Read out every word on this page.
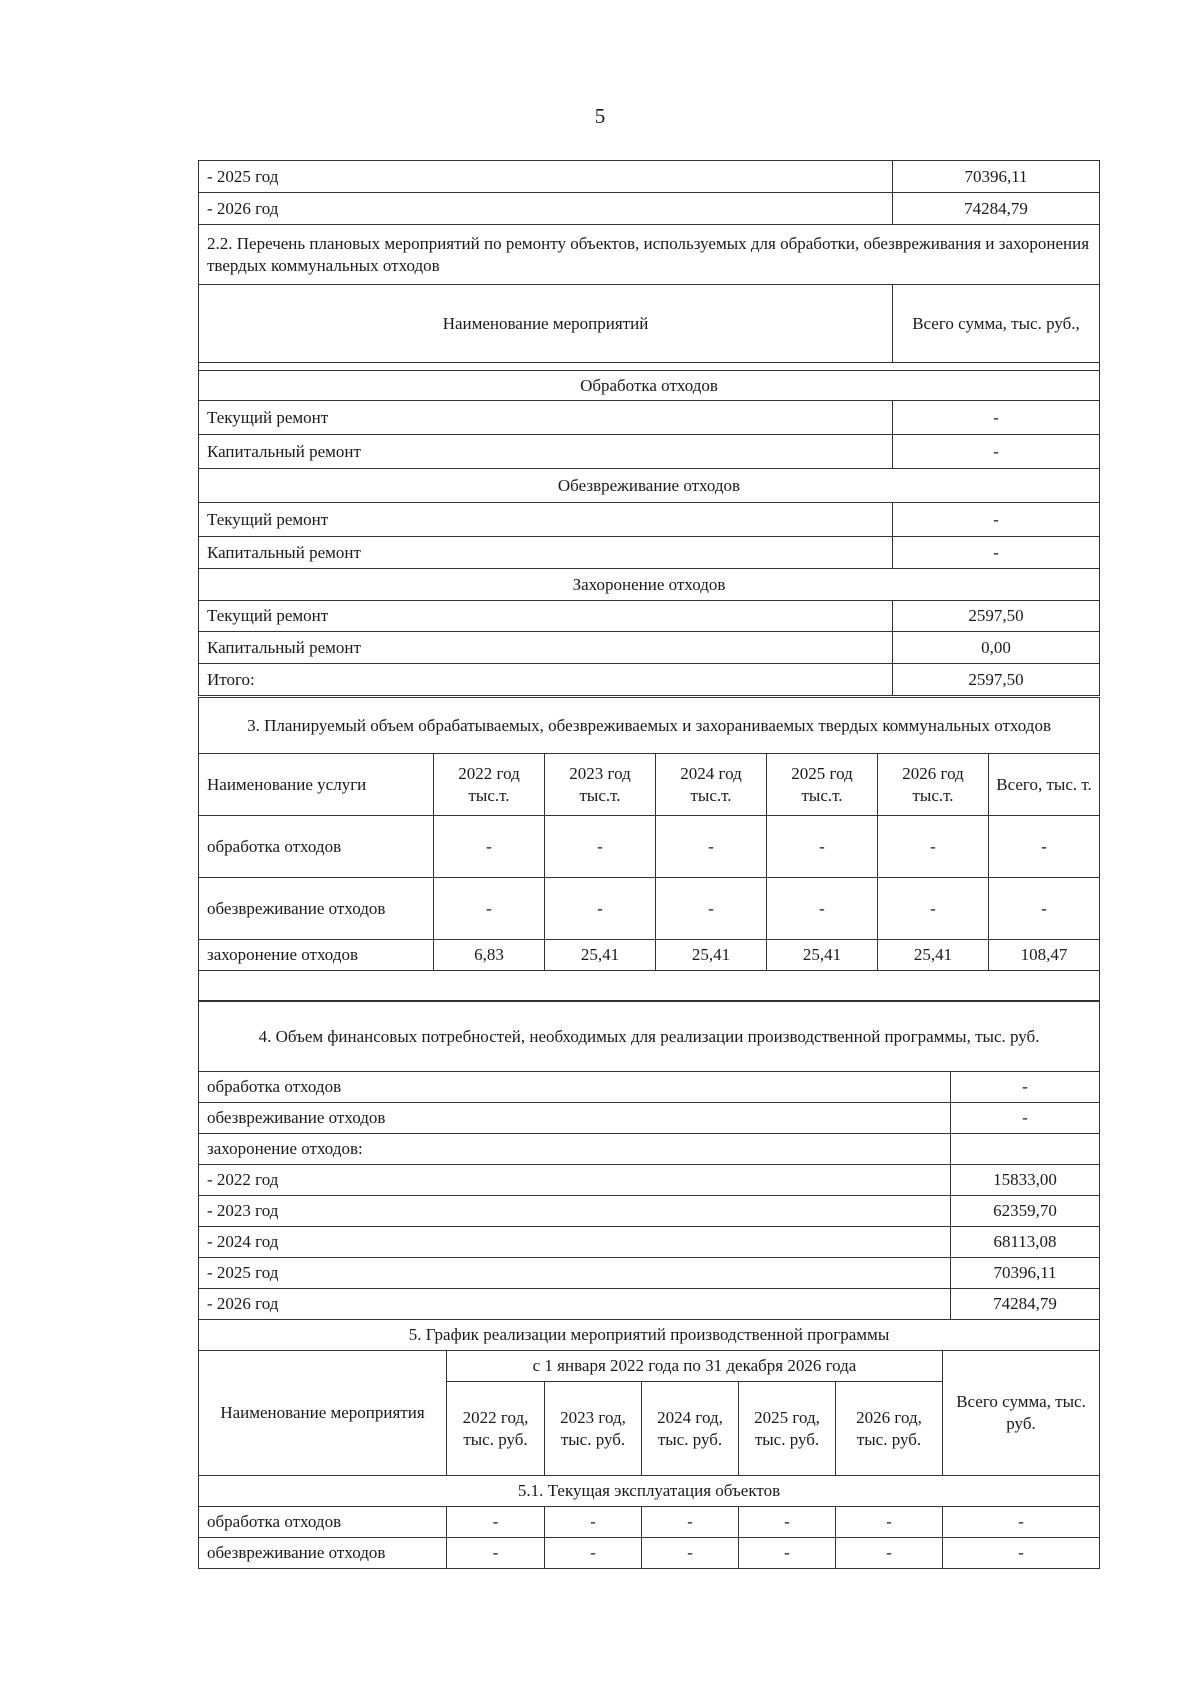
5
- 2025 год	70396,11
- 2026 год	74284,79
2.2. Перечень плановых мероприятий по ремонту объектов, используемых для обработки, обезвреживания и захоронения твердых коммунальных отходов	
Наименование мероприятий	Всего сумма, тыс. руб.,

Обработка отходов	
Текущий ремонт	-
Капитальный ремонт	-
Обезвреживание отходов	
Текущий ремонт	-
Капитальный ремонт	-
Захоронение отходов	
Текущий ремонт	2597,50
Капитальный ремонт	0,00
Итого:	2597,50
3. Планируемый объем обрабатываемых, обезвреживаемых и захораниваемых твердых коммунальных отходов						
Наименование услуги	2022 год тыс.т.	2023 год тыс.т.	2024 год тыс.т.	2025 год тыс.т.	2026 год тыс.т.	Всего, тыс. т.
обработка отходов	-	-	-	-	-	-
обезвреживание отходов	-	-	-	-	-	-
захоронение отходов	6,83	25,41	25,41	25,41	25,41	108,47

4. Объем финансовых потребностей, необходимых для реализации производственной программы, тыс. руб.	
обработка отходов	-
обезвреживание отходов	-
захоронение отходов:	
- 2022 год	15833,00
- 2023 год	62359,70
- 2024 год	68113,08
- 2025 год	70396,11
- 2026 год	74284,79
5. График реализации мероприятий производственной программы						
Наименование мероприятия	с 1 января 2022 года по 31 декабря 2026 года					Всего сумма, тыс. руб.
	2022 год, тыс. руб.	2023 год, тыс. руб.	2024 год, тыс. руб.	2025 год, тыс. руб.	2026 год, тыс. руб.	
5.1. Текущая эксплуатация объектов						
обработка отходов	-	-	-	-	-	-
обезвреживание отходов	-	-	-	-	-	-
